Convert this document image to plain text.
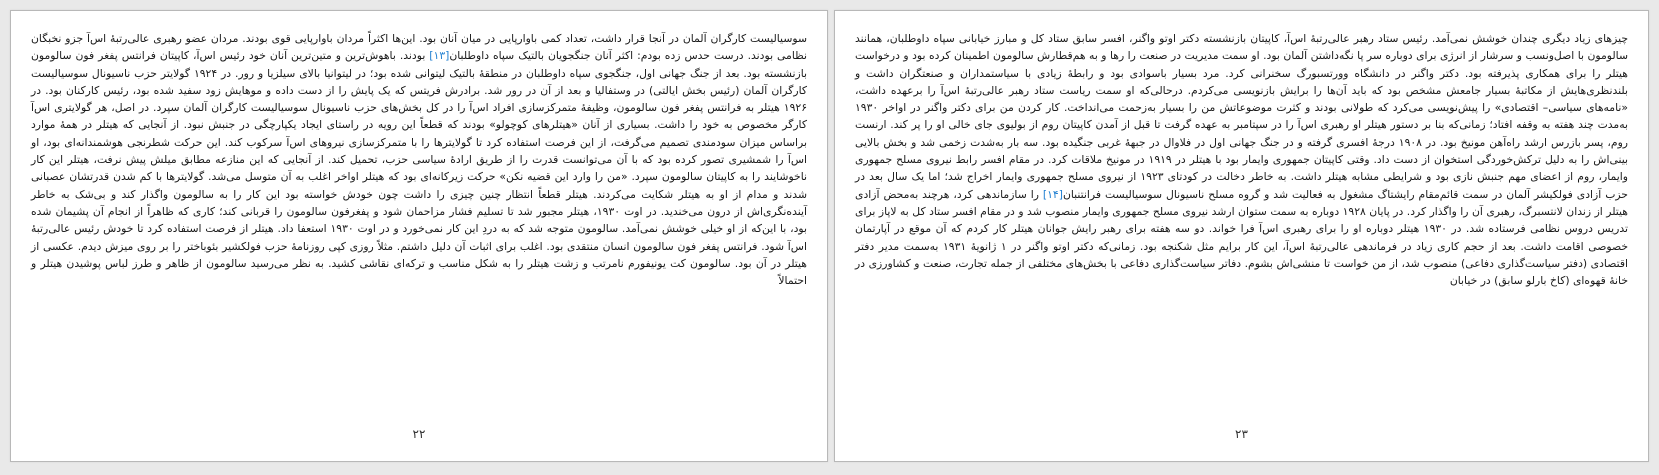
سوسیالیست کارگران آلمان در آنجا قرار داشت، تعداد کمی باوارپایی در میان آنان بود. این‌ها اکثراً مردان باوارپایی قوی بودند. مردان عضو رهبری عالی‌رتبهٔ اس‌آ جزو نخبگان نظامی بودند. درست حدس زده بودم: اکثر آنان جنگجویان بالتیک سپاه داوطلبان[۱۳] بودند. باهوش‌ترین و متین‌ترین آنان خود رئیس اس‌آ، کاپیتان فرانتس پفغر فون سالومون بازنشسته بود. بعد از جنگ جهانی اول، جنگجوی سپاه داوطلبان در منطقهٔ بالتیک لیتوانی شده بود؛ در لیتوانیا بالای سیلزیا و رور. در ۱۹۲۴ گولایتر حزب ناسیونال سوسیالیست کارگران آلمان (رئیس بخش ایالتی) در وستفالیا و بعد از آن در رور شد. برادرش فریتس که یک پایش را از دست داده و موهایش زود سفید شده بود، رئیس کارکنان بود. در ۱۹۲۶ هیتلر به فرانتس پفغر فون سالومون، وظیفهٔ متمرکزسازی افراد اس‌آ را در کل بخش‌های حزب ناسیونال سوسیالیست کارگران آلمان سپرد. در اصل، هر گولایتری اس‌آ کارگر مخصوص به خود را داشت. بسیاری از آنان «هیتلرهای کوچولو» بودند که قطعاً این رویه در راستای ایجاد یکپارچگی در جنبش نبود. از آنجایی که هیتلر در همهٔ موارد براساس میزان سودمندی تصمیم می‌گرفت، از این فرصت استفاده کرد تا گولایترها را با متمرکزسازی نیروهای اس‌آ سرکوب کند. این حرکت شطرنجی هوشمندانه‌ای بود، او اس‌آ را شمشیری تصور کرده بود که با آن می‌توانست قدرت را از طریق ارادهٔ سیاسی حزب، تحمیل کند. از آنجایی که این منازعه مطابق میلش پیش نرفت، هیتلر این کار ناخوشایند را به کاپیتان سالومون سپرد. «من را وارد این قضیه نکن» حرکت زیرکانه‌ای بود که هیتلر اواخر اغلب به آن متوسل می‌شد. گولایترها با کم شدن قدرتشان عصبانی شدند و مدام از او به هیتلر شکایت می‌کردند. هیتلر قطعاً انتظار چنین چیزی را داشت چون خودش خواسته بود این کار را به سالومون واگذار کند و بی‌شک به خاطر آینده‌نگری‌اش از درون می‌خندید. در اوت ۱۹۳۰، هیتلر مجبور شد تا تسلیم فشار مزاحمان شود و پفغرفون سالومون را قربانی کند؛ کاری که ظاهراً از انجام آن پشیمان شده بود، با این‌که از او خیلی خوشش نمی‌آمد. سالومون متوجه شد که به دردِ این کار نمی‌خورد و در اوت ۱۹۳۰ استعفا داد. هیتلر از فرصت استفاده کرد تا خودش رئیس عالی‌رتبهٔ اس‌آ شود. فرانتس پفغر فون سالومون انسان منتقدی بود. اغلب برای اثبات آن دلیل داشتم. مثلاً روزی کپی روزنامهٔ حزب فولکشیر بئوباختر را بر روی میزش دیدم. عکسی از هیتلر در آن بود. سالومون کت یونیفورم نامرتب و زشت هیتلر را به شکل مناسب و ترکه‌ای نقاشی کشید. به نظر می‌رسید سالومون از ظاهر و طرز لباس پوشیدن هیتلر و احتمالاً

۲۲

چیزهای زیاد دیگری چندان خوشش نمی‌آمد. رئیس ستاد رهبر عالی‌رتبهٔ اس‌آ، کاپیتان بازنشسته دکتر اوتو واگنر، افسر سابق ستاد کل و مبارز خیابانی سپاه داوطلبان، همانند سالومون با اصل‌ونسب و سرشار از انرژی برای دوباره سر پا نگه‌داشتن آلمان بود. او سمت مدیریت در صنعت را رها و به هم‌قطارش سالومون اطمینان کرده بود و درخواست هیتلر را برای همکاری پذیرفته بود. دکتر واگنر در دانشگاه وورتسبورگ سخنرانی کرد. مرد بسیار باسوادی بود و رابطهٔ زیادی با سیاستمداران و صنعتگران داشت و بلندنظری‌هایش از مکاتبهٔ بسیار جامعش مشخص بود که باید آن‌ها را برایش بازنویسی می‌کردم. درحالی‌که او سمت ریاست ستاد رهبر عالی‌رتبهٔ اس‌آ را برعهده داشت، «نامه‌های سیاسی– اقتصادی» را پیش‌نویسی می‌کرد که طولانی بودند و کثرت موضوعاتش من را بسیار به‌زحمت می‌انداخت. کار کردن من برای دکتر واگنر در اواخر ۱۹۳۰ به‌مدت چند هفته به وقفه افتاد؛ زمانی‌که بنا بر دستور هیتلر او رهبری اس‌آ را در سپتامبر به عهده گرفت تا قبل از آمدن کاپیتان روم از بولیوی جای خالی او را پر کند. ارنست روم، پسر بازرس ارشد راه‌آهن مونیخ بود. در ۱۹۰۸ درجهٔ افسری گرفته و در جنگ جهانی اول در فلاوال در جبههٔ غربی جنگیده بود. سه بار به‌شدت زخمی شد و بخش بالایی بینی‌اش را به دلیل ترکش‌خوردگی استخوان از دست داد. وقتی کاپیتان جمهوری وایمار بود با هیتلر در ۱۹۱۹ در مونیخ ملاقات کرد. در مقام افسر رابط نیروی مسلح جمهوری وایمار، روم از اعضای مهم جنبش نازی بود و شرایطی مشابه هیتلر داشت. به خاطر دخالت در کودتای ۱۹۲۳ از نیروی مسلح جمهوری وایمار اخراج شد؛ اما یک سال بعد در حزب آزادی فولکیشر آلمان در سمت قائم‌مقام رایشتاگ مشغول به فعالیت شد و گروه مسلح ناسیونال سوسیالیست فرانتنبان[۱۴] را سازماندهی کرد، هرچند به‌محض آزادی هیتلر از زندان لانتسبرگ، رهبری آن را واگذار کرد. در پایان ۱۹۲۸ دوباره به سمت ستوان ارشد نیروی مسلح جمهوری وایمار منصوب شد و در مقام افسر ستاد کل به لاپاز برای تدریس دروس نظامی فرستاده شد. در ۱۹۳۰ هیتلر دوباره او را برای رهبری اس‌آ فرا خواند. دو سه هفته برای رهبر رایش جوانان هیتلر کار کردم که آن موقع در آپارتمان خصوصی اقامت داشت. بعد از حجم کاری زیاد در فرماندهی عالی‌رتبهٔ اس‌آ، این کار برایم مثل شکنجه بود. زمانی‌که دکتر اوتو واگنر در ۱ ژانویهٔ ۱۹۳۱ به‌سمت مدیر دفتر اقتصادی (دفتر سیاست‌گذاری دفاعی) منصوب شد، از من خواست تا منشی‌اش بشوم. دفاتر سیاست‌گذاری دفاعی با بخش‌های مختلفی از جمله تجارت، صنعت و کشاورزی در خانهٔ قهوه‌ای (کاخ بارلو سابق) در خیابان

۲۳
